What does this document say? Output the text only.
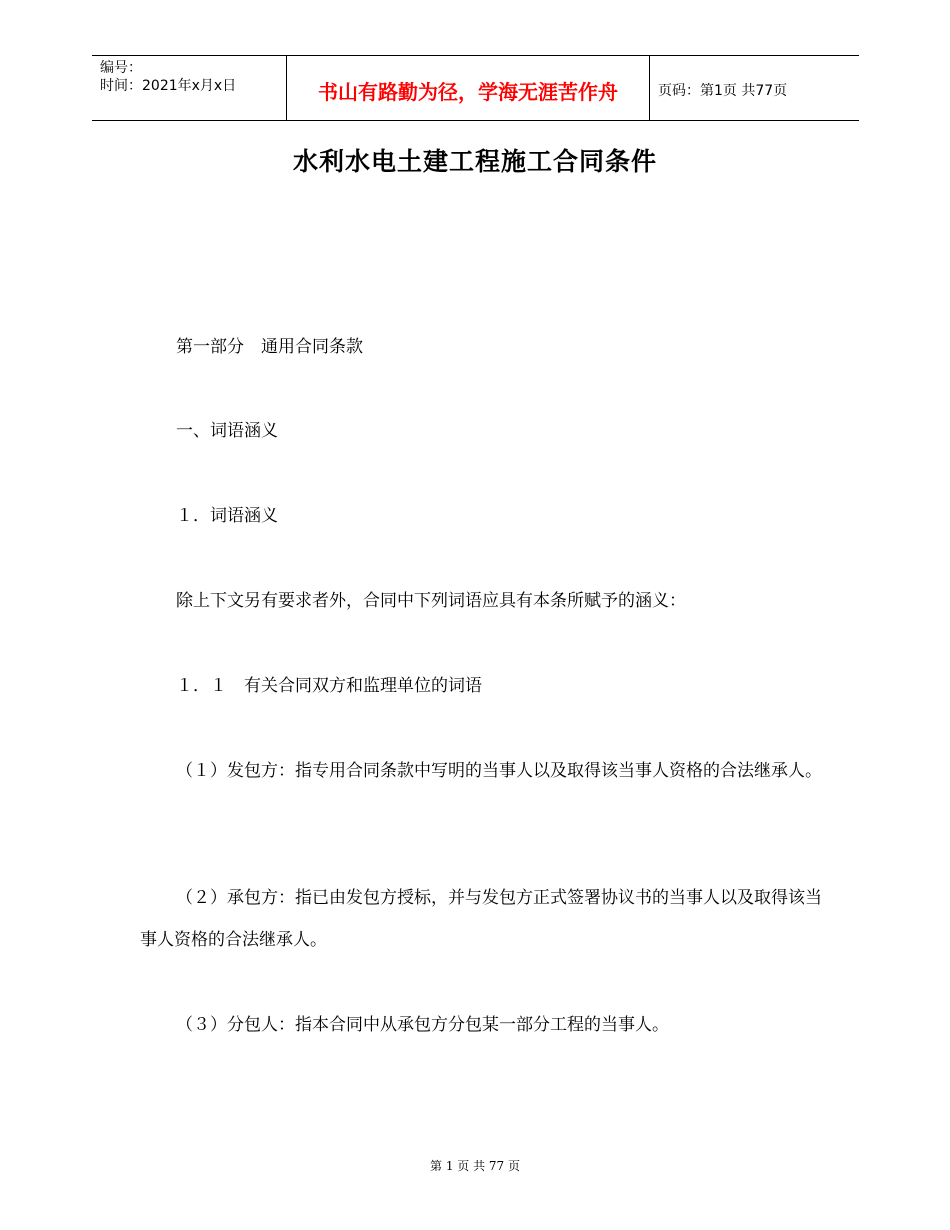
编号：
时间：2021年x月x日	书山有路勤为径，学海无涯苦作舟	页码：第1页 共77页
水利水电土建工程施工合同条件
第一部分　通用合同条款
一、词语涵义
１．词语涵义
除上下文另有要求者外，合同中下列词语应具有本条所赋予的涵义：
１．１　有关合同双方和监理单位的词语
（１）发包方：指专用合同条款中写明的当事人以及取得该当事人资格的合法继承人。
（２）承包方：指已由发包方授标，并与发包方正式签署协议书的当事人以及取得该当事人资格的合法继承人。
（３）分包人：指本合同中从承包方分包某一部分工程的当事人。
第 1 页 共 77 页
